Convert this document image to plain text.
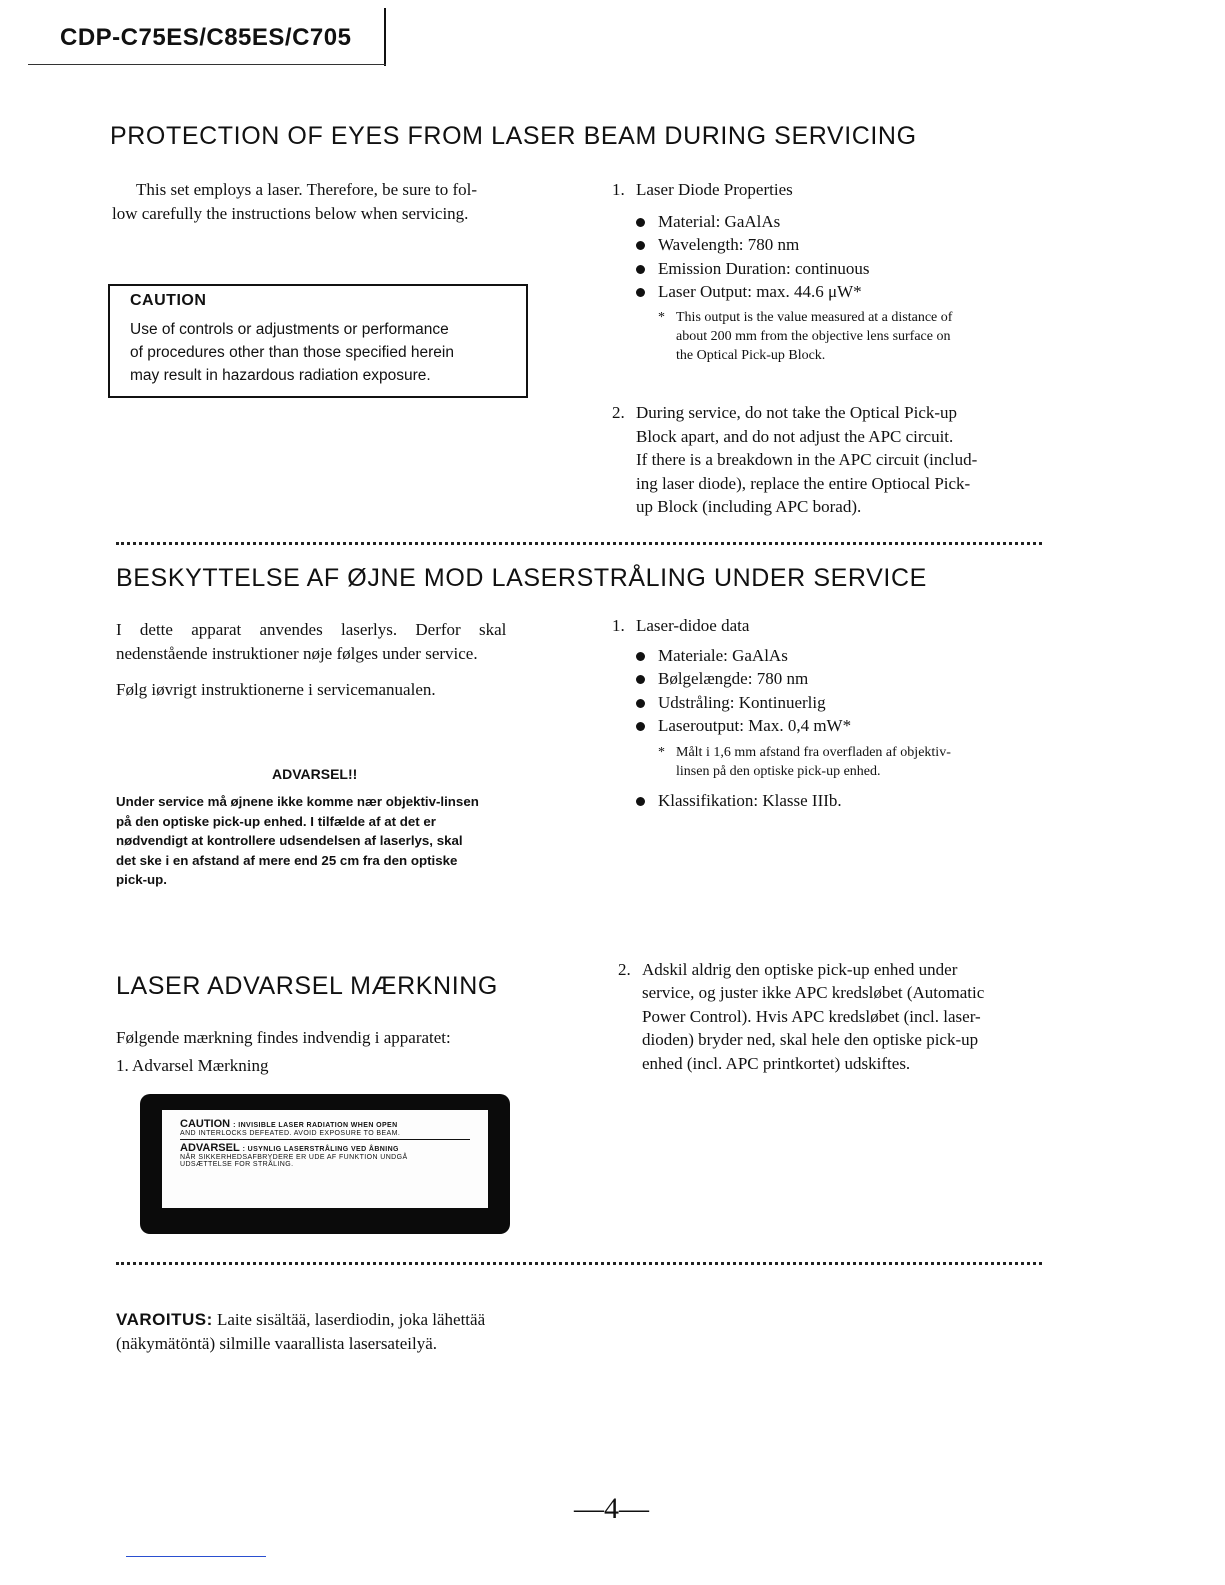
CDP-C75ES/C85ES/C705
PROTECTION OF EYES FROM LASER BEAM DURING SERVICING
This set employs a laser. Therefore, be sure to fol-
low carefully the instructions below when servicing.
CAUTION
Use of controls or adjustments or performance
of procedures other than those specified herein
may result in hazardous radiation exposure.
1. Laser Diode Properties
Material: GaAlAs
Wavelength: 780 nm
Emission Duration: continuous
Laser Output: max. 44.6 μW*
* This output is the value measured at a distance of
about 200 mm from the objective lens surface on
the Optical Pick-up Block.
2. During service, do not take the Optical Pick-up
Block apart, and do not adjust the APC circuit.
If there is a breakdown in the APC circuit (includ-
ing laser diode), replace the entire Optiocal Pick-
up Block (including APC borad).
BESKYTTELSE AF ØJNE MOD LASERSTRÅLING UNDER SERVICE
I dette apparat anvendes laserlys. Derfor skal
nedenstående instruktioner nøje følges under service.
Følg iøvrigt instruktionerne i servicemanualen.
ADVARSEL!!
Under service må øjnene ikke komme nær objektiv-linsen
på den optiske pick-up enhed. I tilfælde af at det er
nødvendigt at kontrollere udsendelsen af laserlys, skal
det ske i en afstand af mere end 25 cm fra den optiske
pick-up.
1. Laser-didoe data
Materiale: GaAlAs
Bølgelængde: 780 nm
Udstråling: Kontinuerlig
Laseroutput: Max. 0,4 mW*
* Målt i 1,6 mm afstand fra overfladen af objektiv-
linsen på den optiske pick-up enhed.
Klassifikation: Klasse IIIb.
2. Adskil aldrig den optiske pick-up enhed under
service, og juster ikke APC kredsløbet (Automatic
Power Control). Hvis APC kredsløbet (incl. laser-
dioden) bryder ned, skal hele den optiske pick-up
enhed (incl. APC printkortet) udskiftes.
LASER ADVARSEL MÆRKNING
Følgende mærkning findes indvendig i apparatet:
1. Advarsel Mærkning
CAUTION : INVISIBLE LASER RADIATION WHEN OPEN
AND INTERLOCKS DEFEATED. AVOID EXPOSURE TO BEAM.
ADVARSEL : USYNLIG LASERSTRÅLING VED ÅBNING
NÅR SIKKERHEDSAFBRYDERE ER UDE AF FUNKTION UNDGÅ
UDSÆTTELSE FOR STRÅLING.
VAROITUS: Laite sisältää, laserdiodin, joka lähettää
(näkymätöntä) silmille vaarallista lasersateilyä.
—4—
